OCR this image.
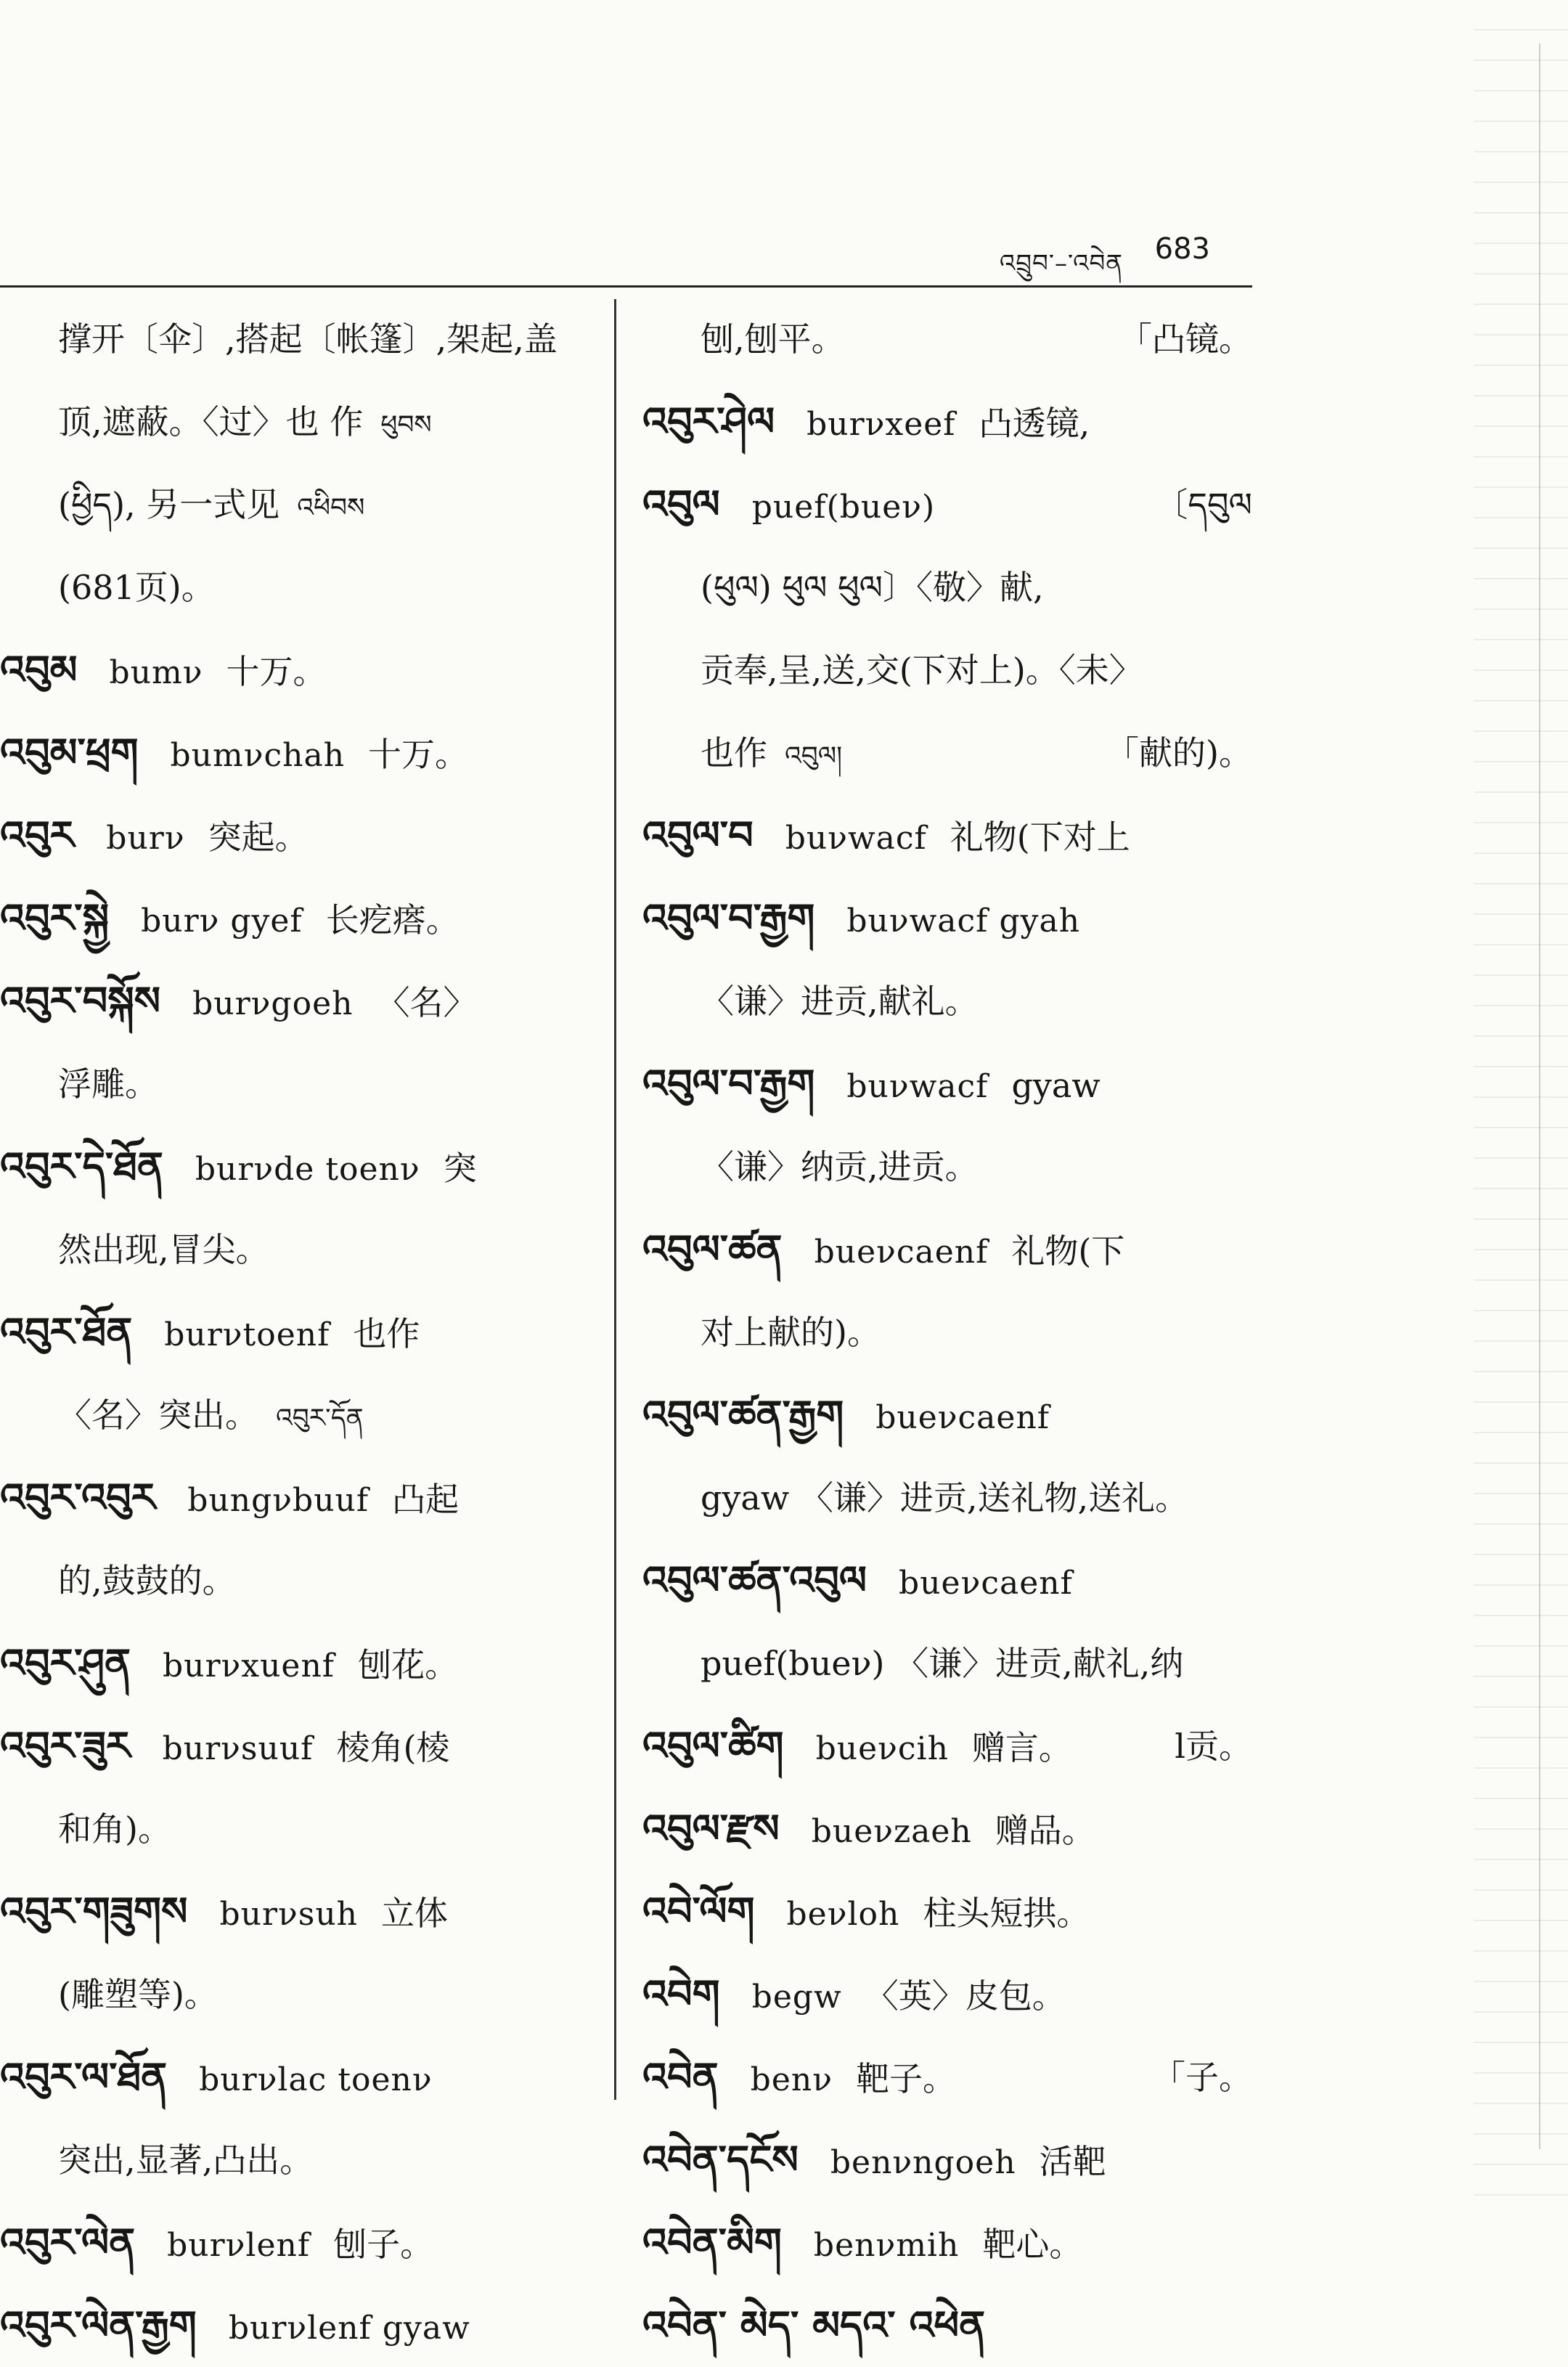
འབྲུབ་–་འབེན 683
撑开〔伞〕,搭起〔帐篷〕,架起,盖
顶,遮蔽。〈过〉也 作 ཕུབས
(ཕྱིད), 另一式见 འཕིབས
(681页)。
འབུམ bumν 十万。
འབུམ་ཕྲག bumνchah 十万。
འབུར burν 突起。
འབུར་སྐྱེ burν gyef 长疙瘩。
འབུར་བསྐོས burνgoeh 〈名〉
浮雕。
འབུར་དེ་ཐོན burνde toenν 突
然出现,冒尖。
འབུར་ཐོན burνtoenf 也作
〈名〉突出。 འབུར་དོན
འབུར་འབུར bungνbuuf 凸起
的,鼓鼓的。
འབུར་ཤུན burνxuenf 刨花。
འབུར་ཟུར burνsuuf 棱角(棱
和角)。
འབུར་གཟུགས burνsuh 立体
(雕塑等)。
འབུར་ལ་ཐོན burνlac toenν
突出,显著,凸出。
འབུར་ལེན burνlenf 刨子。
འབུར་ལེན་རྒྱག burνlenf gyaw
刨,刨平。	「凸镜。
འབུར་ཤེལ burνxeef 凸透镜,
འབུལ puef(bueν)	〔དབུལ
(ཕུལ) ཕུལ ཕུལ〕〈敬〉献,
贡奉,呈,送,交(下对上)。〈未〉
也作 འབུལ།	「献的)。
འབུལ་བ buνwacf 礼物(下对上
འབུལ་བ་རྒྱག buνwacf gyah
〈谦〉进贡,献礼。
འབུལ་བ་རྒྱག buνwacf gyaw
〈谦〉纳贡,进贡。
འབུལ་ཚན bueνcaenf 礼物(下
对上献的)。
འབུལ་ཚན་རྒྱག bueνcaenf
gyaw 〈谦〉进贡,送礼物,送礼。
འབུལ་ཚན་འབུལ bueνcaenf
puef(bueν) 〈谦〉进贡,献礼,纳
འབུལ་ཚིག bueνcih 赠言。	l贡。
འབུལ་རྫས bueνzaeh 赠品。
འབེ་ལོག beνloh 柱头短拱。
འབེག begw 〈英〉皮包。
འབེན benν 靶子。	「子。
འབེན་དངོས benνngoeh 活靶
འབེན་མིག benνmih 靶心。
འབེན་ མེད་ མདའ་ འཕེན
